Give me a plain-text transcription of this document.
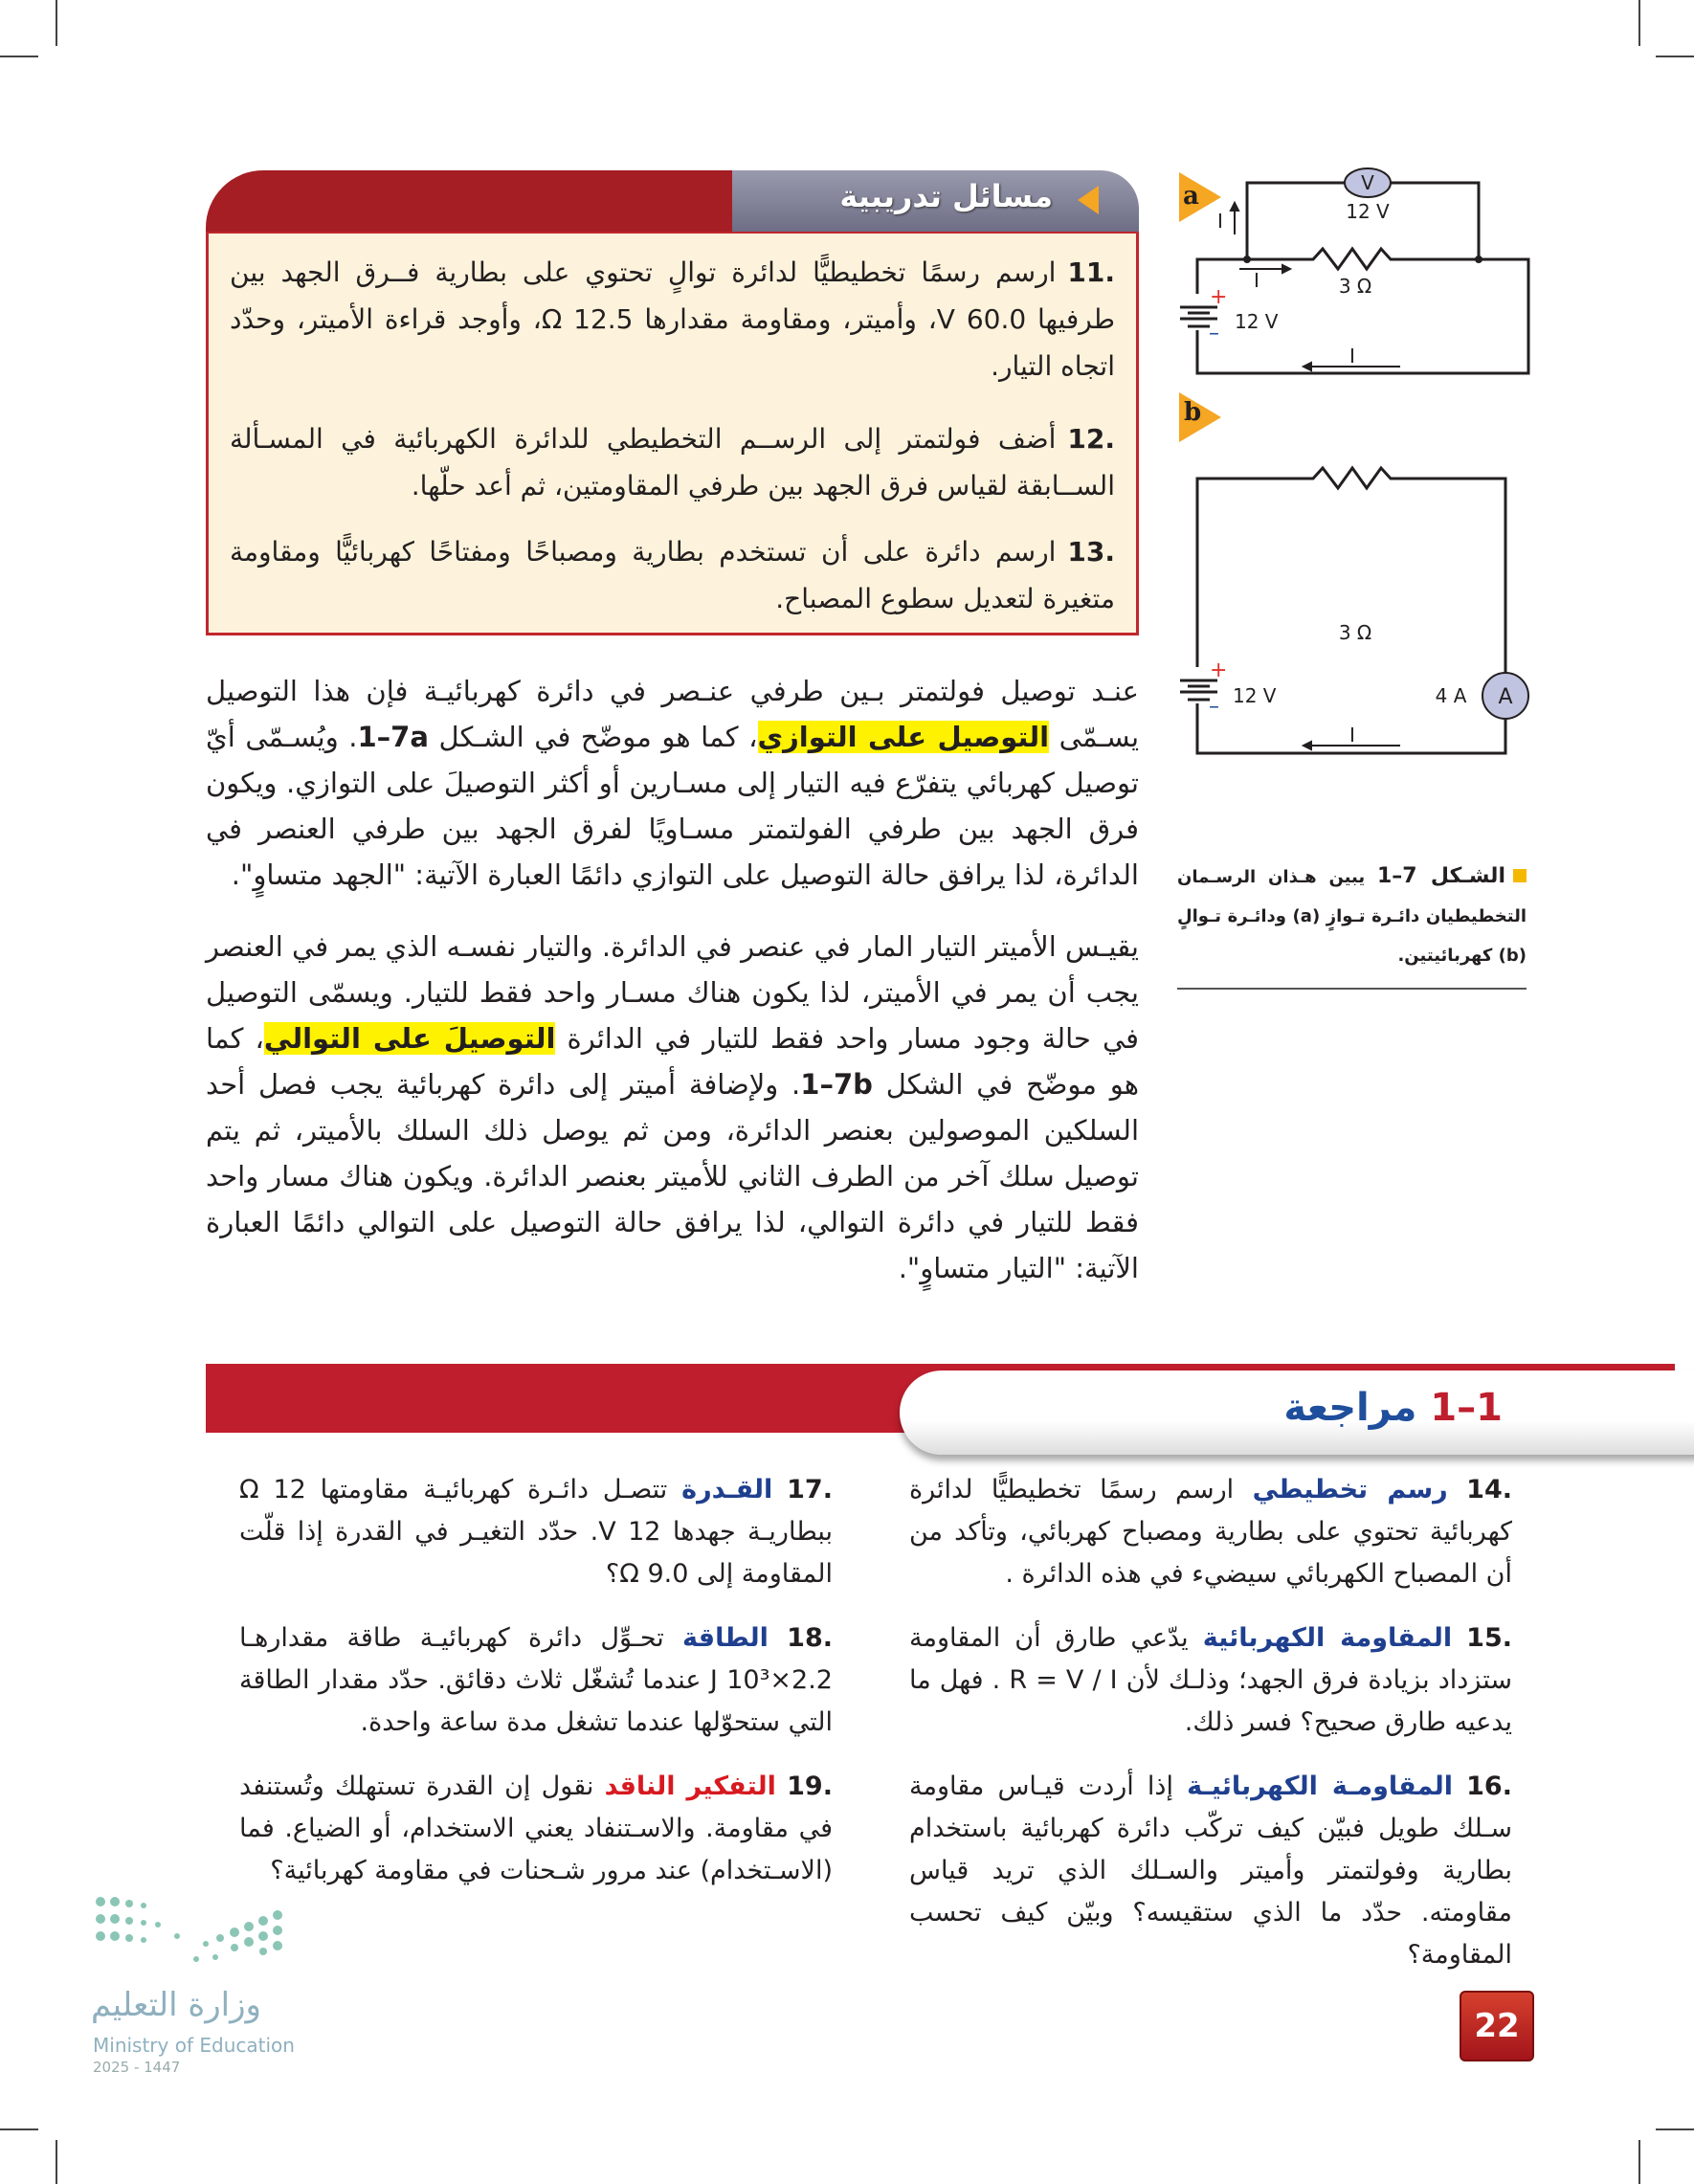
مسائل تدريبية
.11ارسم رسمًا تخطيطيًّا لدائرة توالٍ تحتوي على بطارية فــرق الجهد بين طرفيها 60.0 V، وأميتر، ومقاومة مقدارها 12.5 Ω، وأوجد قراءة الأميتر، وحدّد اتجاه التيار.
.12أضف فولتمتر إلى الرســم التخطيطي للدائرة الكهربائية في المسـألة الســابقة لقياس فرق الجهد بين طرفي المقاومتين، ثم أعد حلّها.
.13ارسم دائرة على أن تستخدم بطارية ومصباحًا ومفتاحًا كهربائيًّا ومقاومة متغيرة لتعديل سطوع المصباح.
عنـد توصيل فولتمتر بـين طرفي عنـصر في دائرة كهربائيـة فإن هذا التوصيل يسـمّى التوصيل على التوازي، كما هو موضّح في الشـكل 1–7a. ويُسـمّى أيّ توصيل كهربائي يتفرّع فيه التيار إلى مسـارين أو أكثر التوصيلَ على التوازي. ويكون فرق الجهد بين طرفي الفولتمتر مسـاويًا لفرق الجهد بين طرفي العنصر في الدائرة، لذا يرافق حالة التوصيل على التوازي دائمًا العبارة الآتية: "الجهد متساوٍ".
يقيـس الأميتر التيار المار في عنصر في الدائرة. والتيار نفسـه الذي يمر في العنصر يجب أن يمر في الأميتر، لذا يكون هناك مسـار واحد فقط للتيار. ويسمّى التوصيل في حالة وجود مسار واحد فقط للتيار في الدائرة التوصيلَ على التوالي، كما هو موضّح في الشكل 1–7b. ولإضافة أميتر إلى دائرة كهربائية يجب فصل أحد السلكين الموصولين بعنصر الدائرة، ومن ثم يوصل ذلك السلك بالأميتر، ثم يتم توصيل سلك آخر من الطرف الثاني للأميتر بعنصر الدائرة. ويكون هناك مسار واحد فقط للتيار في دائرة التوالي، لذا يرافق حالة التوصيل على التوالي دائمًا العبارة الآتية: "التيار متساوٍ".
a	V
12 V
3 Ω
12 V
+
–
I
I
I
b
A
4 A
3 Ω
12 V
+
–
I
الشـكل 7–1 يبين هـذان الرسـمان التخطيطيان دائـرة تـوازٍ (a) ودائـرة تـوالٍ (b) كهربائيتين.
1–1 مراجعة
.14 رسم تخطيطي ارسم رسمًا تخطيطيًّا لدائرة كهربائية تحتوي على بطارية ومصباح كهربائي، وتأكد من أن المصباح الكهربائي سيضيء في هذه الدائرة .
.15 المقاومة الكهربائية يدّعي طارق أن المقاومة ستزداد بزيادة فرق الجهد؛ وذلـك لأن R = V / I . فهل ما يدعيه طارق صحيح؟ فسر ذلك.
.16 المقاومـة الكهربائيـة إذا أردت قيـاس مقاومة سـلك طويل فبيّن كيف تركّب دائرة كهربائية باستخدام بطارية وفولتمتر وأميتر والسـلك الذي تريد قياس مقاومته. حدّد ما الذي ستقيسه؟ وبيّن كيف تحسب المقاومة؟
.17 القـدرة تتصـل دائـرة كهربائيـة مقاومتها 12 Ω ببطاريـة جهدها 12 V. حدّد التغيـر في القدرة إذا قلّت المقاومة إلى 9.0 Ω؟
.18 الطاقة تحـوِّل دائرة كهربائيـة طاقة مقدارهـا 2.2×10³ J عندما تُشغّل ثلاث دقائق. حدّد مقدار الطاقة التي ستحوّلها عندما تشغل مدة ساعة واحدة.
.19 التفكير الناقد نقول إن القدرة تستهلك وتُستنفد في مقاومة. والاسـتنفاد يعني الاستخدام، أو الضياع. فما (الاسـتخدام) عند مرور شـحنات في مقاومة كهربائية؟
22
وزارة التعليم
Ministry of Education
2025 - 1447
